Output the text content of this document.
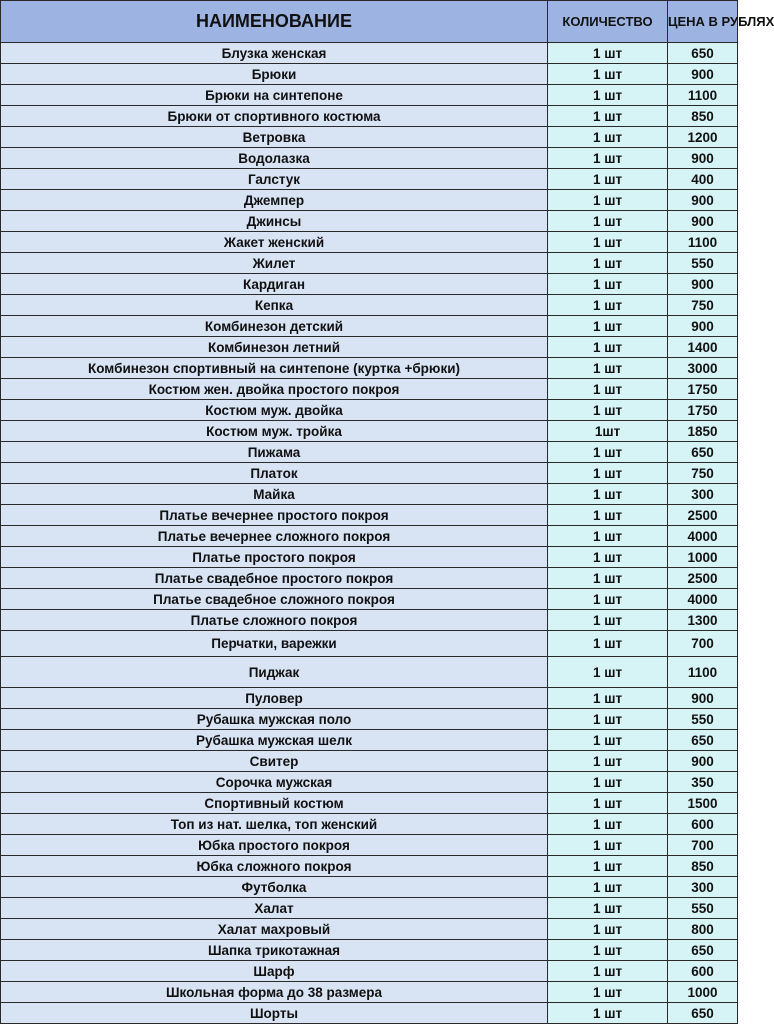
НАИМЕНОВАНИЕ	КОЛИЧЕСТВО	ЦЕНА В РУБЛЯХ
Блузка женская	1 шт	650
Брюки	1 шт	900
Брюки на синтепоне	1 шт	1100
Брюки от спортивного костюма	1 шт	850
Ветровка	1 шт	1200
Водолазка	1 шт	900
Галстук	1 шт	400
Джемпер	1 шт	900
Джинсы	1 шт	900
Жакет женский	1 шт	1100
Жилет	1 шт	550
Кардиган	1 шт	900
Кепка	1 шт	750
Комбинезон детский	1 шт	900
Комбинезон летний	1 шт	1400
Комбинезон спортивный на синтепоне (куртка +брюки)	1 шт	3000
Костюм жен. двойка простого покроя	1 шт	1750
Костюм муж. двойка	1 шт	1750
Костюм муж. тройка	1шт	1850
Пижама	1 шт	650
Платок	1 шт	750
Майка	1 шт	300
Платье вечернее простого покроя	1 шт	2500
Платье вечернее сложного покроя	1 шт	4000
Платье простого покроя	1 шт	1000
Платье свадебное простого покроя	1 шт	2500
Платье свадебное сложного покроя	1 шт	4000
Платье сложного покроя	1 шт	1300
Перчатки, варежки	1 шт	700
Пиджак	1 шт	1100
Пуловер	1 шт	900
Рубашка мужская поло	1 шт	550
Рубашка мужская шелк	1 шт	650
Свитер	1 шт	900
Сорочка мужская	1 шт	350
Спортивный костюм	1 шт	1500
Топ из нат. шелка, топ женский	1 шт	600
Юбка простого покроя	1 шт	700
Юбка сложного покроя	1 шт	850
Футболка	1 шт	300
Халат	1 шт	550
Халат махровый	1 шт	800
Шапка трикотажная	1 шт	650
Шарф	1 шт	600
Школьная форма до 38 размера	1 шт	1000
Шорты	1 шт	650
